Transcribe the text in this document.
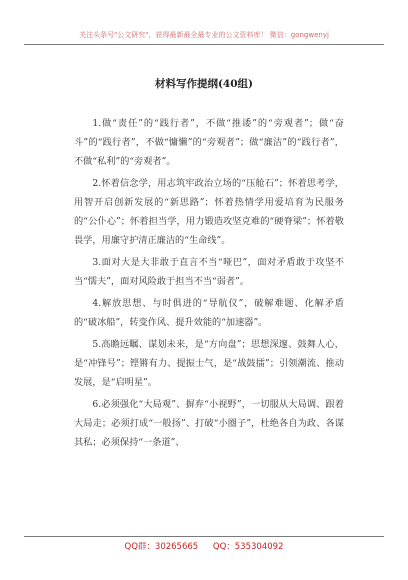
关注头条号"公文研究"，获得最新最全最专业的公文资料库！ 微信：gongwenyj
材料写作提纲(40组)

1.做“责任”的“践行者”，不做“推诿”的“旁观者”；做“奋斗”的“践行者”，不做“慵懒”的“旁观者”；做“廉洁”的“践行者”，不做“私利”的“旁观者”。

2.怀着信念学，用志筑牢政治立场的“压舱石”；怀着思考学，用智开启创新发展的“新思路”；怀着热情学用爱培育为民服务的“公仆心”；怀着担当学，用力锻造攻坚克难的“硬脊梁”；怀着敬畏学，用廉守护清正廉洁的“生命线”。

3.面对大是大非敢于直言不当“哑巴”，面对矛盾敢于攻坚不当“懦夫”，面对风险敢于担当不当“弱者”。

4.解放思想、与时俱进的“导航仪”，破解难题、化解矛盾的“破冰船”，转变作风、提升效能的“加速器”。

5.高瞻远瞩、谋划未来，是“方向盘”；思想深邃、鼓舞人心，是“冲锋号”；铿锵有力、提振士气，是“战鼓擂”；引领潮流、推动发展，是“启明星”。

6.必须强化“大局观”、摒弃“小视野”，一切服从大局调、跟着大局走；必须打成“一般扬”、打破“小圈子”，杜绝各自为政、各谋其私；必须保持“一条道”、

QQ群：30265665 QQ：535304092
